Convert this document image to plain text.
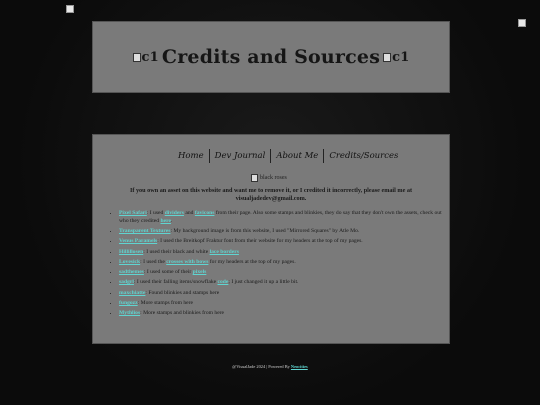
c1 Credits and Sources c1
Home	Dev Journal	About Me	Credits/Sources
black roses
If you own an asset on this website and want me to remove it, or I credited it incorrectly, please email me at visualjadedev@gmail.com.
• Pixel Safari: I used dividers and favicons from their page. Also some stamps and blinkies, they do say that they don't own the assets, check out who they credited here.
• Transparent Textures: My background image is from this website, I used "Mirrored Squares" by Atle Mo.
• Venus Paramels: I used the Breitkopf Fraktur font from their website for my headers at the top of my pages.
• Hillillosen: I used their black and white lace borders
• Lovesick: I used the crosses with bows for my headers at the top of my pages.
• sadthemes: I used some of their pixels
• sadgrl: I used their falling items/snowflake code; I just changed it up a little bit.
• maxchiatte: Found blinkies and stamps here
• fungozz: More stamps from here
• Mythlios: More stamps and blinkies from here
@VisualJade 2024 | Powered By Neocities
